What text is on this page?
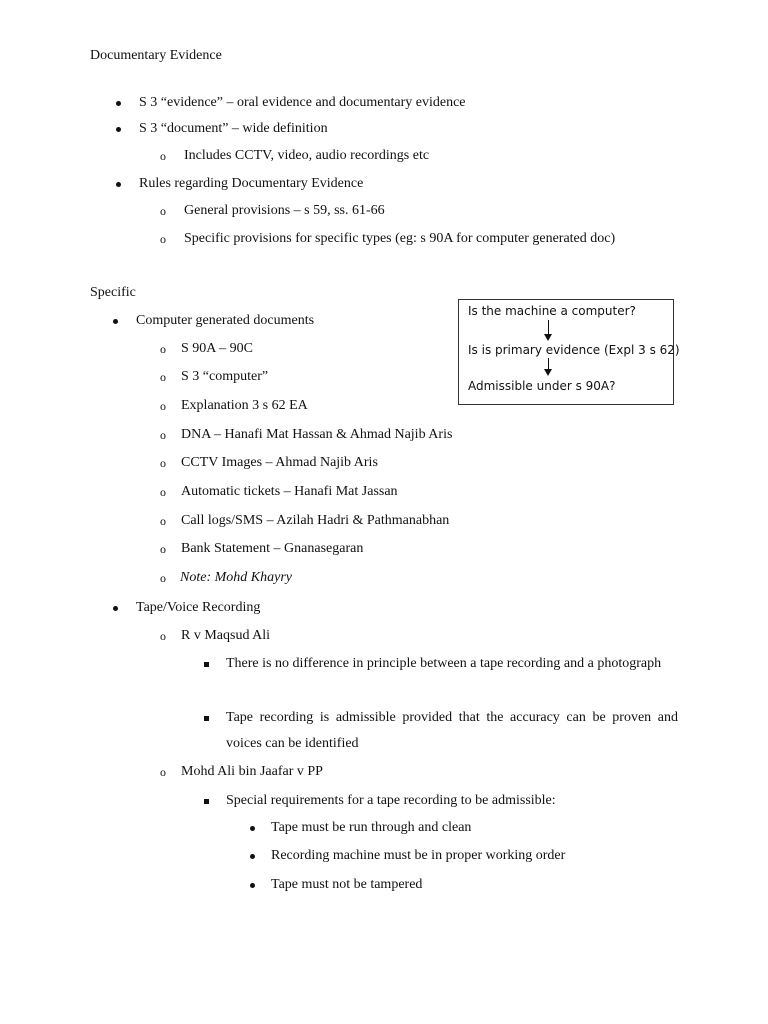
Documentary Evidence
S 3 “evidence” – oral evidence and documentary evidence
S 3 “document” – wide definition
o Includes CCTV, video, audio recordings etc
Rules regarding Documentary Evidence
o General provisions – s 59, ss. 61-66
o Specific provisions for specific types (eg: s 90A for computer generated doc)
Specific
Computer generated documents
o S 90A – 90C
o S 3 “computer”
o Explanation 3 s 62 EA
o DNA – Hanafi Mat Hassan & Ahmad Najib Aris
o CCTV Images – Ahmad Najib Aris
o Automatic tickets – Hanafi Mat Jassan
o Call logs/SMS – Azilah Hadri & Pathmanabhan
o Bank Statement – Gnanasegaran
o Note: Mohd Khayry
Is the machine a computer?
Is is primary evidence (Expl 3 s 62)
Admissible under s 90A?
Tape/Voice Recording
o R v Maqsud Ali
There is no difference in principle between a tape recording and a photograph
Tape recording is admissible provided that the accuracy can be proven and voices can be identified
o Mohd Ali bin Jaafar v PP
Special requirements for a tape recording to be admissible:
Tape must be run through and clean
Recording machine must be in proper working order
Tape must not be tampered
